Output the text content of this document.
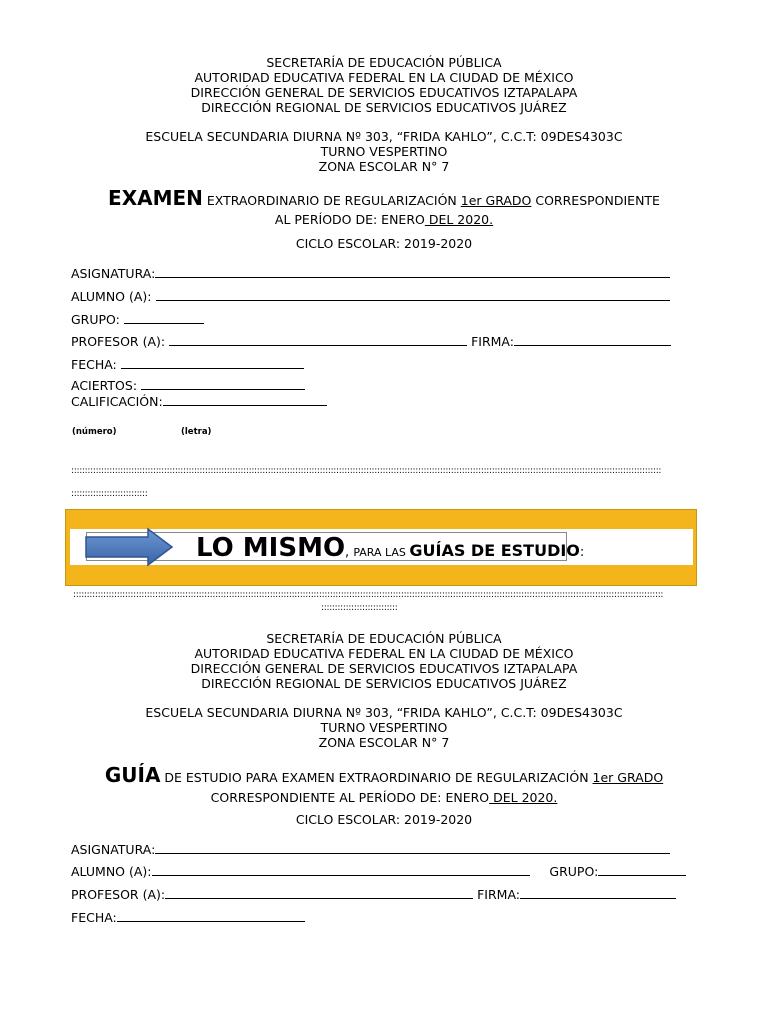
SECRETARÍA DE EDUCACIÓN PÚBLICA
AUTORIDAD EDUCATIVA FEDERAL EN LA CIUDAD DE MÉXICO
DIRECCIÓN GENERAL DE SERVICIOS EDUCATIVOS IZTAPALAPA
DIRECCIÓN REGIONAL DE SERVICIOS EDUCATIVOS JUÁREZ
ESCUELA SECUNDARIA DIURNA Nº 303, “FRIDA KAHLO”, C.C.T: 09DES4303C
TURNO VESPERTINO
ZONA ESCOLAR N° 7
EXAMEN EXTRAORDINARIO DE REGULARIZACIÓN 1er GRADO CORRESPONDIENTE
AL PERÍODO DE: ENERO DEL 2020.
CICLO ESCOLAR: 2019-2020
ASIGNATURA:
ALUMNO (A):
GRUPO:
PROFESOR (A):	FIRMA:
FECHA:
ACIERTOS:
CALIFICACIÓN:
(número)	(letra)
::::::::::::::::::::::::::::::::::::::::::::::::::::::::::::::::::::::::::::::::::::::::::::::::::::::::::::::::::::::::::::::::::::::::::::::::::::::::::::::::::::::::::::::::::::::::::::::::::::::::::::::::::::::::
::::::::::::::::::::::::::::
LO MISMO, PARA LAS GUÍAS DE ESTUDIO:
::::::::::::::::::::::::::::::::::::::::::::::::::::::::::::::::::::::::::::::::::::::::::::::::::::::::::::::::::::::::::::::::::::::::::::::::::::::::::::::::::::::::::::::::::::::::::::::::::::::::::::::::::::::::
::::::::::::::::::::::::::::
SECRETARÍA DE EDUCACIÓN PÚBLICA
AUTORIDAD EDUCATIVA FEDERAL EN LA CIUDAD DE MÉXICO
DIRECCIÓN GENERAL DE SERVICIOS EDUCATIVOS IZTAPALAPA
DIRECCIÓN REGIONAL DE SERVICIOS EDUCATIVOS JUÁREZ
ESCUELA SECUNDARIA DIURNA Nº 303, “FRIDA KAHLO”, C.C.T: 09DES4303C
TURNO VESPERTINO
ZONA ESCOLAR N° 7
GUÍA DE ESTUDIO PARA EXAMEN EXTRAORDINARIO DE REGULARIZACIÓN 1er GRADO
CORRESPONDIENTE AL PERÍODO DE: ENERO DEL 2020.
CICLO ESCOLAR: 2019-2020
ASIGNATURA:
ALUMNO (A):	GRUPO:
PROFESOR (A):	FIRMA:
FECHA:
